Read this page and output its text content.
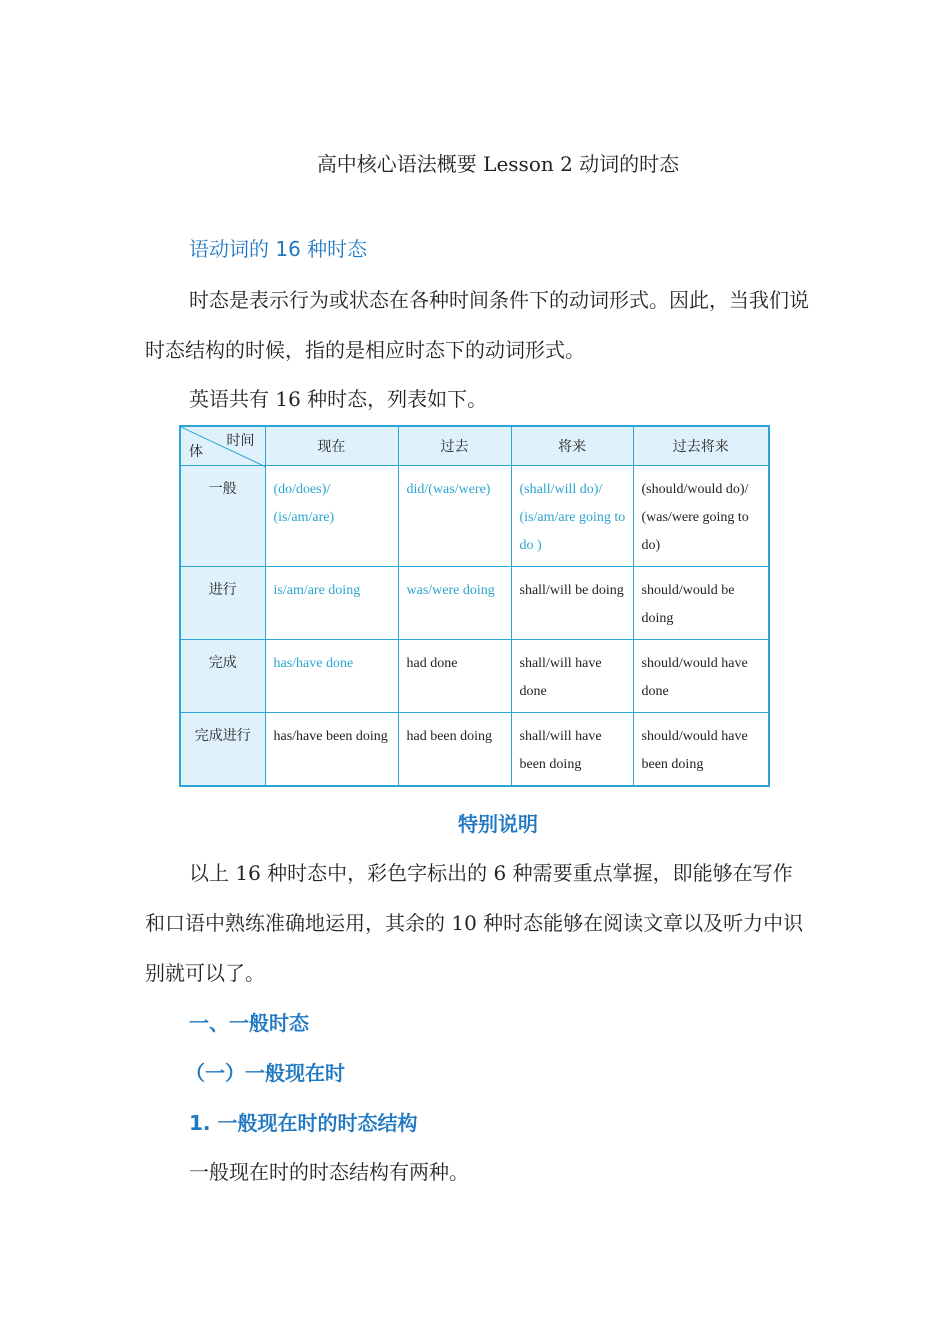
高中核心语法概要 Lesson 2 动词的时态
语动词的 16 种时态
时态是表示行为或状态在各种时间条件下的动词形式。因此，当我们说时态结构的时候，指的是相应时态下的动词形式。
英语共有 16 种时态，列表如下。
时间
体	现在	过去	将来	过去将来
一般	(do/does)/ (is/am/are)	did/(was/were)	(shall/will do)/ (is/am/are going to do )	(should/would do)/ (was/were going to do)
进行	is/am/are doing	was/were doing	shall/will be doing	should/would be doing
完成	has/have done	had done	shall/will have done	should/would have done
完成进行	has/have been doing	had been doing	shall/will have been doing	should/would have been doing
特别说明
以上 16 种时态中，彩色字标出的 6 种需要重点掌握，即能够在写作和口语中熟练准确地运用，其余的 10 种时态能够在阅读文章以及听力中识别就可以了。
一、一般时态
（一）一般现在时
1. 一般现在时的时态结构
一般现在时的时态结构有两种。
